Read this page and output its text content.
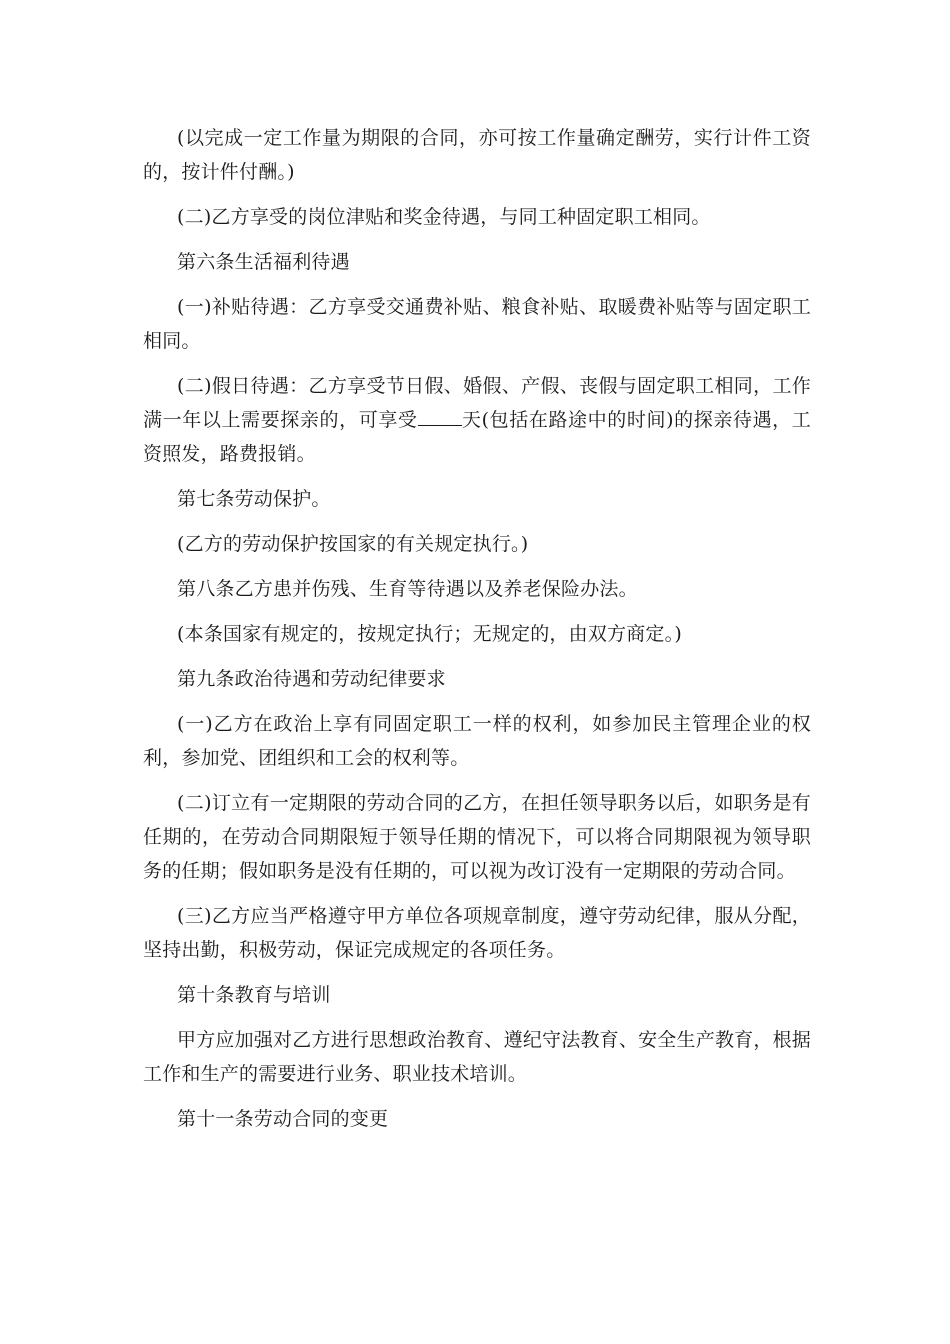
(以完成一定工作量为期限的合同，亦可按工作量确定酬劳，实行计件工资的，按计件付酬。)

(二)乙方享受的岗位津贴和奖金待遇，与同工种固定职工相同。

第六条生活福利待遇

(一)补贴待遇：乙方享受交通费补贴、粮食补贴、取暖费补贴等与固定职工相同。

(二)假日待遇：乙方享受节日假、婚假、产假、丧假与固定职工相同，工作满一年以上需要探亲的，可享受 天(包括在路途中的时间)的探亲待遇，工资照发，路费报销。

第七条劳动保护。

(乙方的劳动保护按国家的有关规定执行。)

第八条乙方患并伤残、生育等待遇以及养老保险办法。

(本条国家有规定的，按规定执行；无规定的，由双方商定。)

第九条政治待遇和劳动纪律要求

(一)乙方在政治上享有同固定职工一样的权利，如参加民主管理企业的权利，参加党、团组织和工会的权利等。

(二)订立有一定期限的劳动合同的乙方，在担任领导职务以后，如职务是有任期的，在劳动合同期限短于领导任期的情况下，可以将合同期限视为领导职务的任期；假如职务是没有任期的，可以视为改订没有一定期限的劳动合同。

(三)乙方应当严格遵守甲方单位各项规章制度，遵守劳动纪律，服从分配，坚持出勤，积极劳动，保证完成规定的各项任务。

第十条教育与培训

甲方应加强对乙方进行思想政治教育、遵纪守法教育、安全生产教育，根据工作和生产的需要进行业务、职业技术培训。

第十一条劳动合同的变更
